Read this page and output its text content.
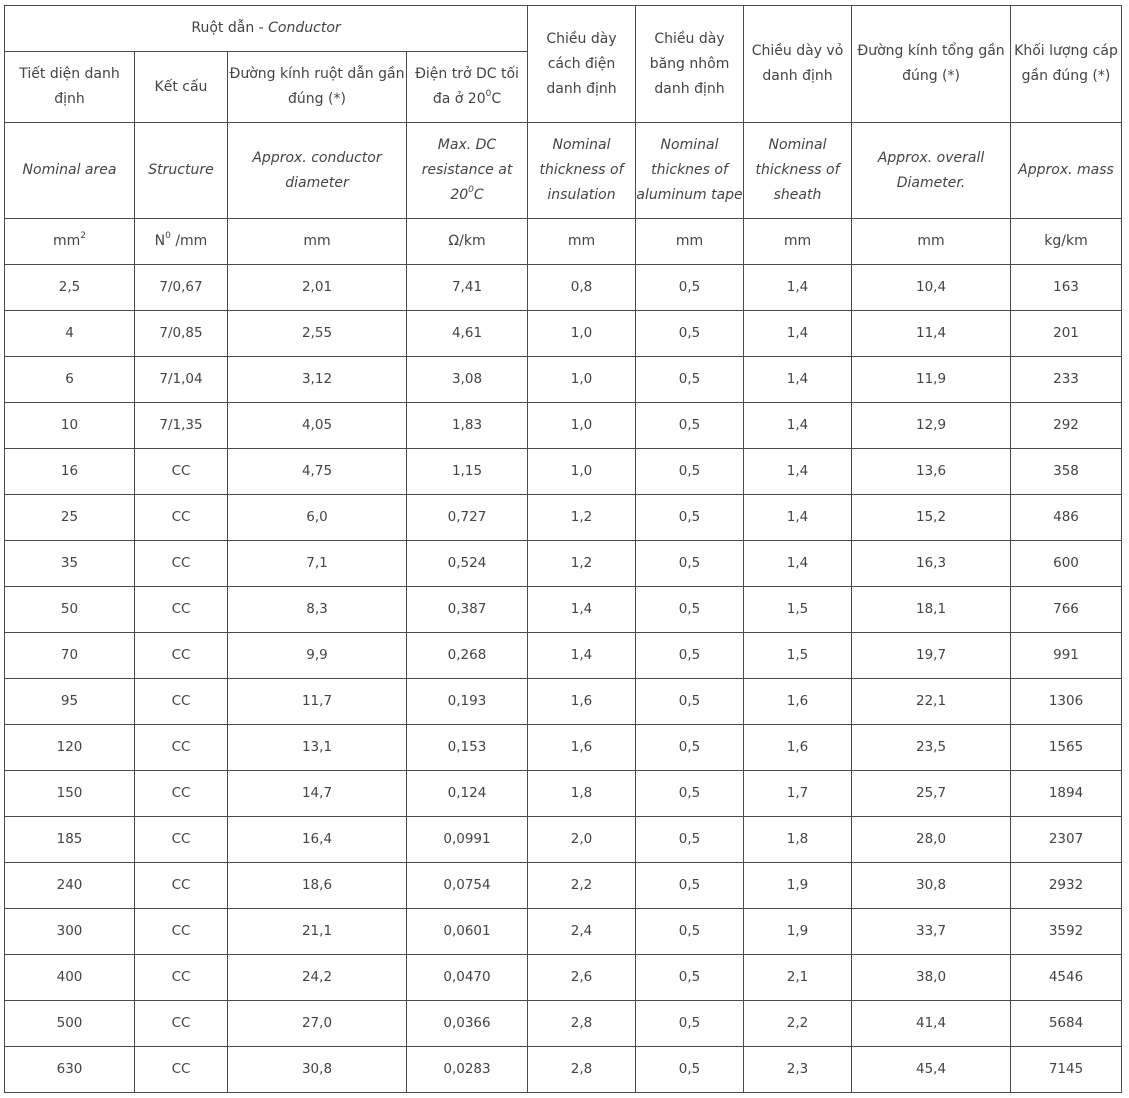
Ruột dẫn - Conductor				Chiều dày cách điện danh định	Chiều dày băng nhôm danh định	Chiều dày vỏ danh định	Đường kính tổng gần đúng (*)	Khối lượng cáp gần đúng (*)
Tiết diện danh định	Kết cấu	Đường kính ruột dẫn gần đúng (*)	Điện trở DC tối đa ở $20^0C$					
Nominal area	Structure	Approx. conductor diameter	Max. DC resistance at $20^0C$	Nominal thickness of insulation	Nominal thicknes of aluminum tape	Nominal thickness of sheath	Approx. overall Diameter.	Approx. mass
$mm^2$	$N^0$ /mm	mm	Ω/km	mm	mm	mm	mm	kg/km
2,5	7/0,67	2,01	7,41	0,8	0,5	1,4	10,4	163
4	7/0,85	2,55	4,61	1,0	0,5	1,4	11,4	201
6	7/1,04	3,12	3,08	1,0	0,5	1,4	11,9	233
10	7/1,35	4,05	1,83	1,0	0,5	1,4	12,9	292
16	CC	4,75	1,15	1,0	0,5	1,4	13,6	358
25	CC	6,0	0,727	1,2	0,5	1,4	15,2	486
35	CC	7,1	0,524	1,2	0,5	1,4	16,3	600
50	CC	8,3	0,387	1,4	0,5	1,5	18,1	766
70	CC	9,9	0,268	1,4	0,5	1,5	19,7	991
95	CC	11,7	0,193	1,6	0,5	1,6	22,1	1306
120	CC	13,1	0,153	1,6	0,5	1,6	23,5	1565
150	CC	14,7	0,124	1,8	0,5	1,7	25,7	1894
185	CC	16,4	0,0991	2,0	0,5	1,8	28,0	2307
240	CC	18,6	0,0754	2,2	0,5	1,9	30,8	2932
300	CC	21,1	0,0601	2,4	0,5	1,9	33,7	3592
400	CC	24,2	0,0470	2,6	0,5	2,1	38,0	4546
500	CC	27,0	0,0366	2,8	0,5	2,2	41,4	5684
630	CC	30,8	0,0283	2,8	0,5	2,3	45,4	7145
